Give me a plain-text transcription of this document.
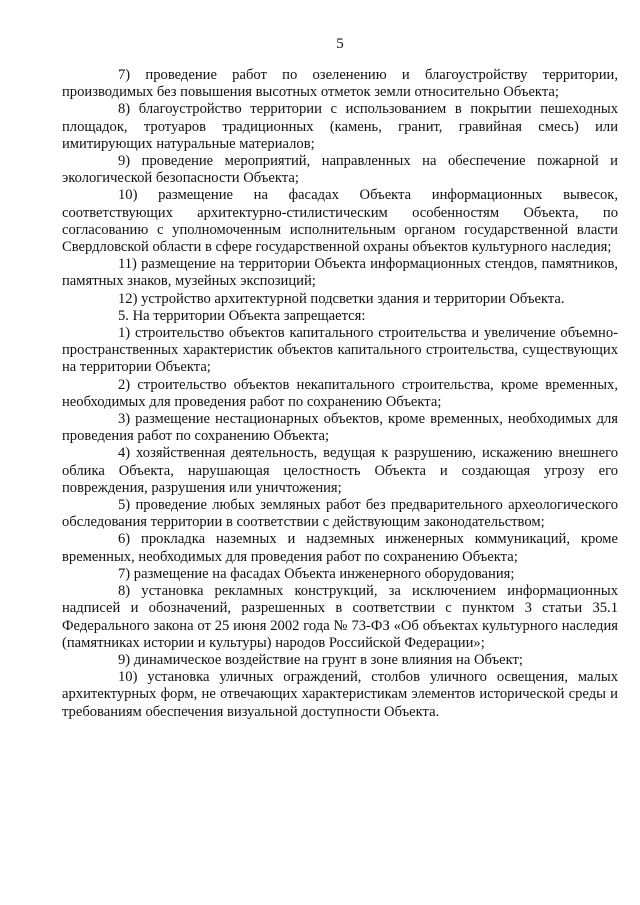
5

7) проведение работ по озеленению и благоустройству территории, производимых без повышения высотных отметок земли относительно Объекта;

8) благоустройство территории с использованием в покрытии пешеходных площадок, тротуаров традиционных (камень, гранит, гравийная смесь) или имитирующих натуральные материалов;

9) проведение мероприятий, направленных на обеспечение пожарной и экологической безопасности Объекта;

10) размещение на фасадах Объекта информационных вывесок, соответствующих архитектурно-стилистическим особенностям Объекта, по согласованию с уполномоченным исполнительным органом государственной власти Свердловской области в сфере государственной охраны объектов культурного наследия;

11) размещение на территории Объекта информационных стендов, памятников, памятных знаков, музейных экспозиций;

12) устройство архитектурной подсветки здания и территории Объекта.

5. На территории Объекта запрещается:

1) строительство объектов капитального строительства и увеличение объемно-пространственных характеристик объектов капитального строительства, существующих на территории Объекта;

2) строительство объектов некапитального строительства, кроме временных, необходимых для проведения работ по сохранению Объекта;

3) размещение нестационарных объектов, кроме временных, необходимых для проведения работ по сохранению Объекта;

4) хозяйственная деятельность, ведущая к разрушению, искажению внешнего облика Объекта, нарушающая целостность Объекта и создающая угрозу его повреждения, разрушения или уничтожения;

5) проведение любых земляных работ без предварительного археологического обследования территории в соответствии с действующим законодательством;

6) прокладка наземных и надземных инженерных коммуникаций, кроме временных, необходимых для проведения работ по сохранению Объекта;

7) размещение на фасадах Объекта инженерного оборудования;

8) установка рекламных конструкций, за исключением информационных надписей и обозначений, разрешенных в соответствии с пунктом 3 статьи 35.1 Федерального закона от 25 июня 2002 года № 73-ФЗ «Об объектах культурного наследия (памятниках истории и культуры) народов Российской Федерации»;

9) динамическое воздействие на грунт в зоне влияния на Объект;

10) установка уличных ограждений, столбов уличного освещения, малых архитектурных форм, не отвечающих характеристикам элементов исторической среды и требованиям обеспечения визуальной доступности Объекта.
